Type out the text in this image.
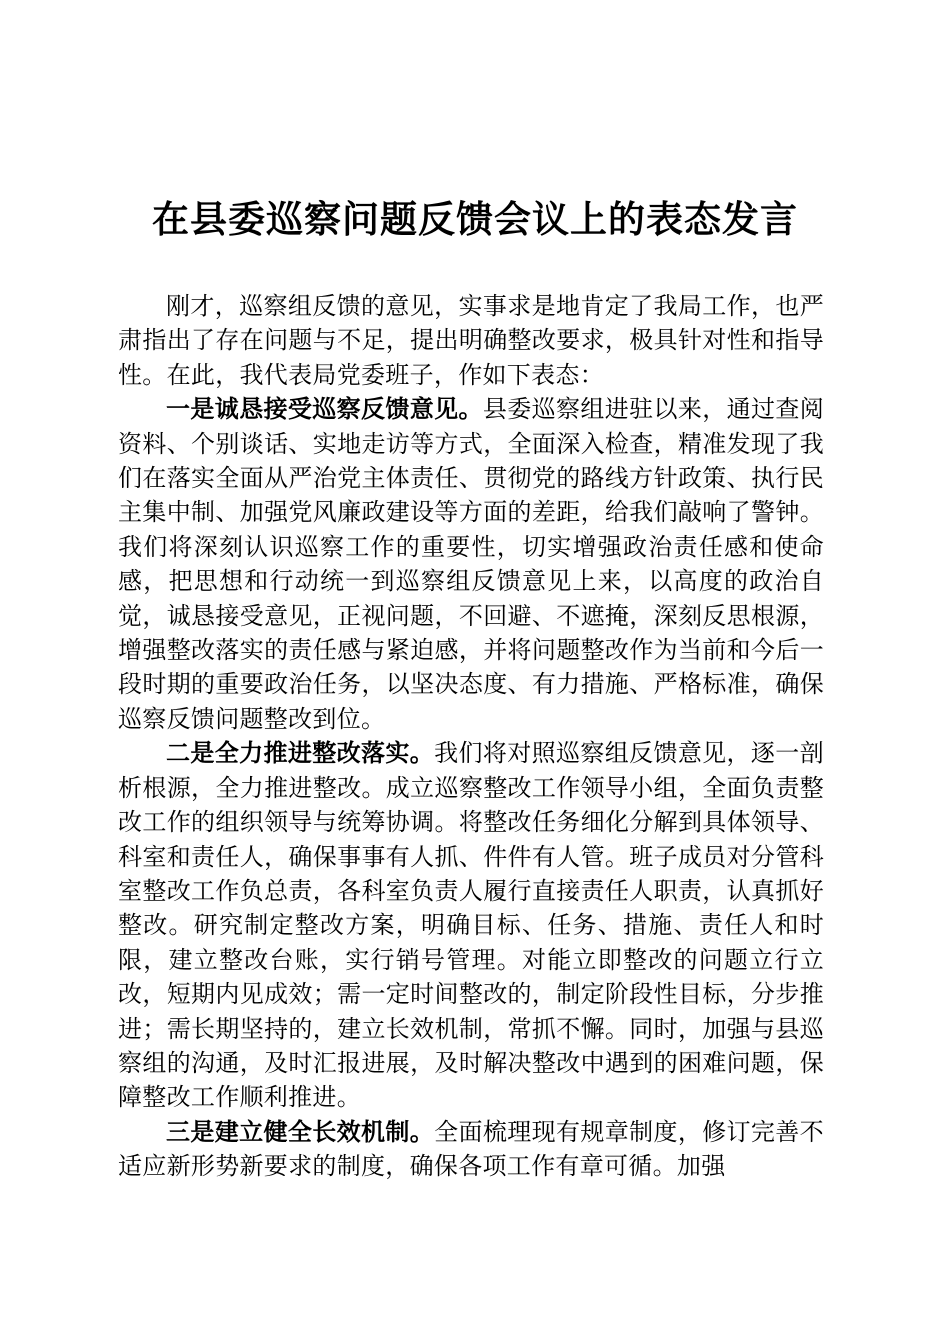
在县委巡察问题反馈会议上的表态发言

刚才，巡察组反馈的意见，实事求是地肯定了我局工作，也严肃指出了存在问题与不足，提出明确整改要求，极具针对性和指导性。在此，我代表局党委班子，作如下表态：

一是诚恳接受巡察反馈意见。县委巡察组进驻以来，通过查阅资料、个别谈话、实地走访等方式，全面深入检查，精准发现了我们在落实全面从严治党主体责任、贯彻党的路线方针政策、执行民主集中制、加强党风廉政建设等方面的差距，给我们敲响了警钟。我们将深刻认识巡察工作的重要性，切实增强政治责任感和使命感，把思想和行动统一到巡察组反馈意见上来，以高度的政治自觉，诚恳接受意见，正视问题，不回避、不遮掩，深刻反思根源，增强整改落实的责任感与紧迫感，并将问题整改作为当前和今后一段时期的重要政治任务，以坚决态度、有力措施、严格标准，确保巡察反馈问题整改到位。

二是全力推进整改落实。我们将对照巡察组反馈意见，逐一剖析根源，全力推进整改。成立巡察整改工作领导小组，全面负责整改工作的组织领导与统筹协调。将整改任务细化分解到具体领导、科室和责任人，确保事事有人抓、件件有人管。班子成员对分管科室整改工作负总责，各科室负责人履行直接责任人职责，认真抓好整改。研究制定整改方案，明确目标、任务、措施、责任人和时限，建立整改台账，实行销号管理。对能立即整改的问题立行立改，短期内见成效；需一定时间整改的，制定阶段性目标，分步推进；需长期坚持的，建立长效机制，常抓不懈。同时，加强与县巡察组的沟通，及时汇报进展，及时解决整改中遇到的困难问题，保障整改工作顺利推进。

三是建立健全长效机制。全面梳理现有规章制度，修订完善不适应新形势新要求的制度，确保各项工作有章可循。加强
